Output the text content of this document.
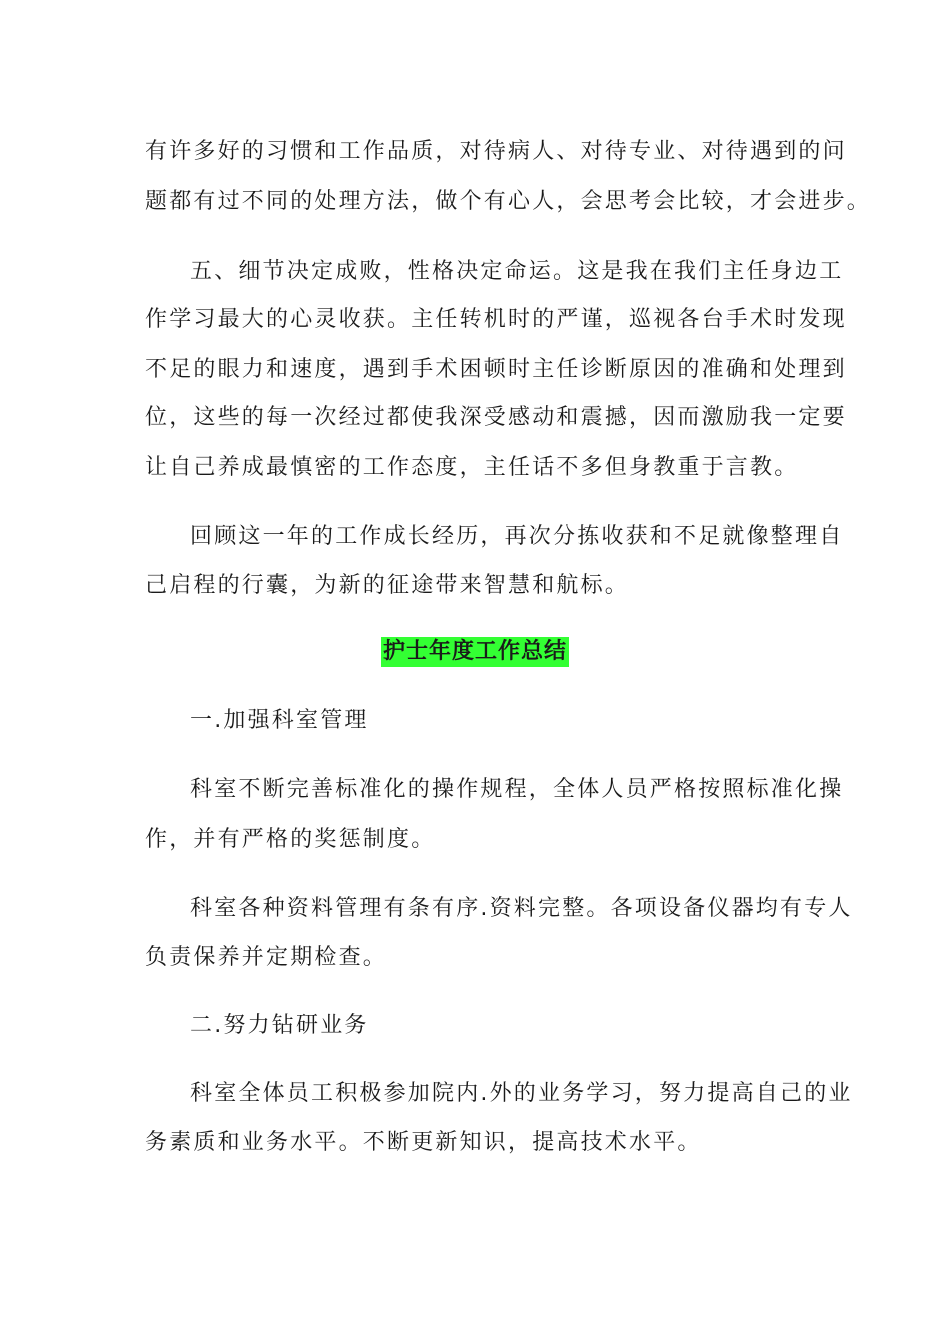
有许多好的习惯和工作品质，对待病人、对待专业、对待遇到的问
题都有过不同的处理方法，做个有心人，会思考会比较，才会进步。
五、细节决定成败，性格决定命运。这是我在我们主任身边工
作学习最大的心灵收获。主任转机时的严谨，巡视各台手术时发现
不足的眼力和速度，遇到手术困顿时主任诊断原因的准确和处理到
位，这些的每一次经过都使我深受感动和震撼，因而激励我一定要
让自己养成最慎密的工作态度，主任话不多但身教重于言教。
回顾这一年的工作成长经历，再次分拣收获和不足就像整理自
己启程的行囊，为新的征途带来智慧和航标。
护士年度工作总结
一.加强科室管理
科室不断完善标准化的操作规程，全体人员严格按照标准化操
作，并有严格的奖惩制度。
科室各种资料管理有条有序.资料完整。各项设备仪器均有专人
负责保养并定期检查。
二.努力钻研业务
科室全体员工积极参加院内.外的业务学习，努力提高自己的业
务素质和业务水平。不断更新知识，提高技术水平。
